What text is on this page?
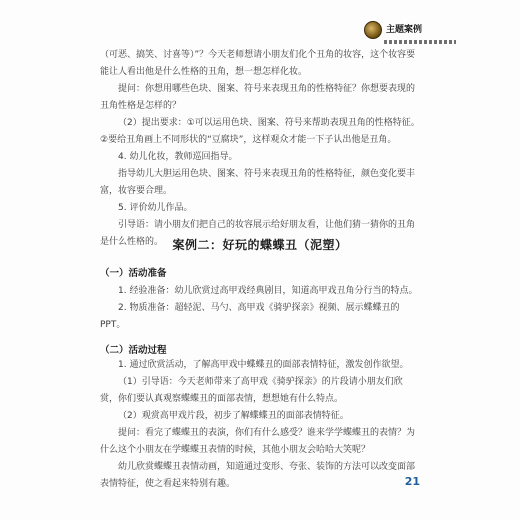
主题案例

（可恶、搞笑、讨喜等）”？今天老师想请小朋友们化个丑角的妆容，这个妆容要能让人看出他是什么性格的丑角，想一想怎样化妆。

提问：你想用哪些色块、图案、符号来表现丑角的性格特征？你想要表现的丑角性格是怎样的？

（2）提出要求：①可以运用色块、图案、符号来帮助表现丑角的性格特征。②要给丑角画上不同形状的“豆腐块”，这样观众才能一下子认出他是丑角。

4. 幼儿化妆，教师巡回指导。

指导幼儿大胆运用色块、图案、符号来表现丑角的性格特征，颜色变化要丰富，妆容要合理。

5. 评价幼儿作品。

引导语：请小朋友们把自己的妆容展示给好朋友看，让他们猜一猜你的丑角是什么性格的。 案例二：好玩的蝶蝶丑（泥塑）
（一）活动准备

1. 经验准备：幼儿欣赏过高甲戏经典剧目，知道高甲戏丑角分行当的特点。

2. 物质准备：超轻泥、马勺、高甲戏《骑驴探亲》视频、展示蝶蝶丑的PPT。

（二）活动过程

1. 通过欣赏活动，了解高甲戏中蝶蝶丑的面部表情特征，激发创作欲望。

（1）引导语：今天老师带来了高甲戏《骑驴探亲》的片段请小朋友们欣赏，你们要认真观察蝶蝶丑的面部表情，想想她有什么特点。

（2）观赏高甲戏片段，初步了解蝶蝶丑的面部表情特征。

提问：看完了蝶蝶丑的表演，你们有什么感受？谁来学学蝶蝶丑的表情？为什么这个小朋友在学蝶蝶丑表情的时候，其他小朋友会哈哈大笑呢？

幼儿欣赏蝶蝶丑表情动画，知道通过变形、夸张、装饰的方法可以改变面部表情特征，使之看起来特别有趣。	21
